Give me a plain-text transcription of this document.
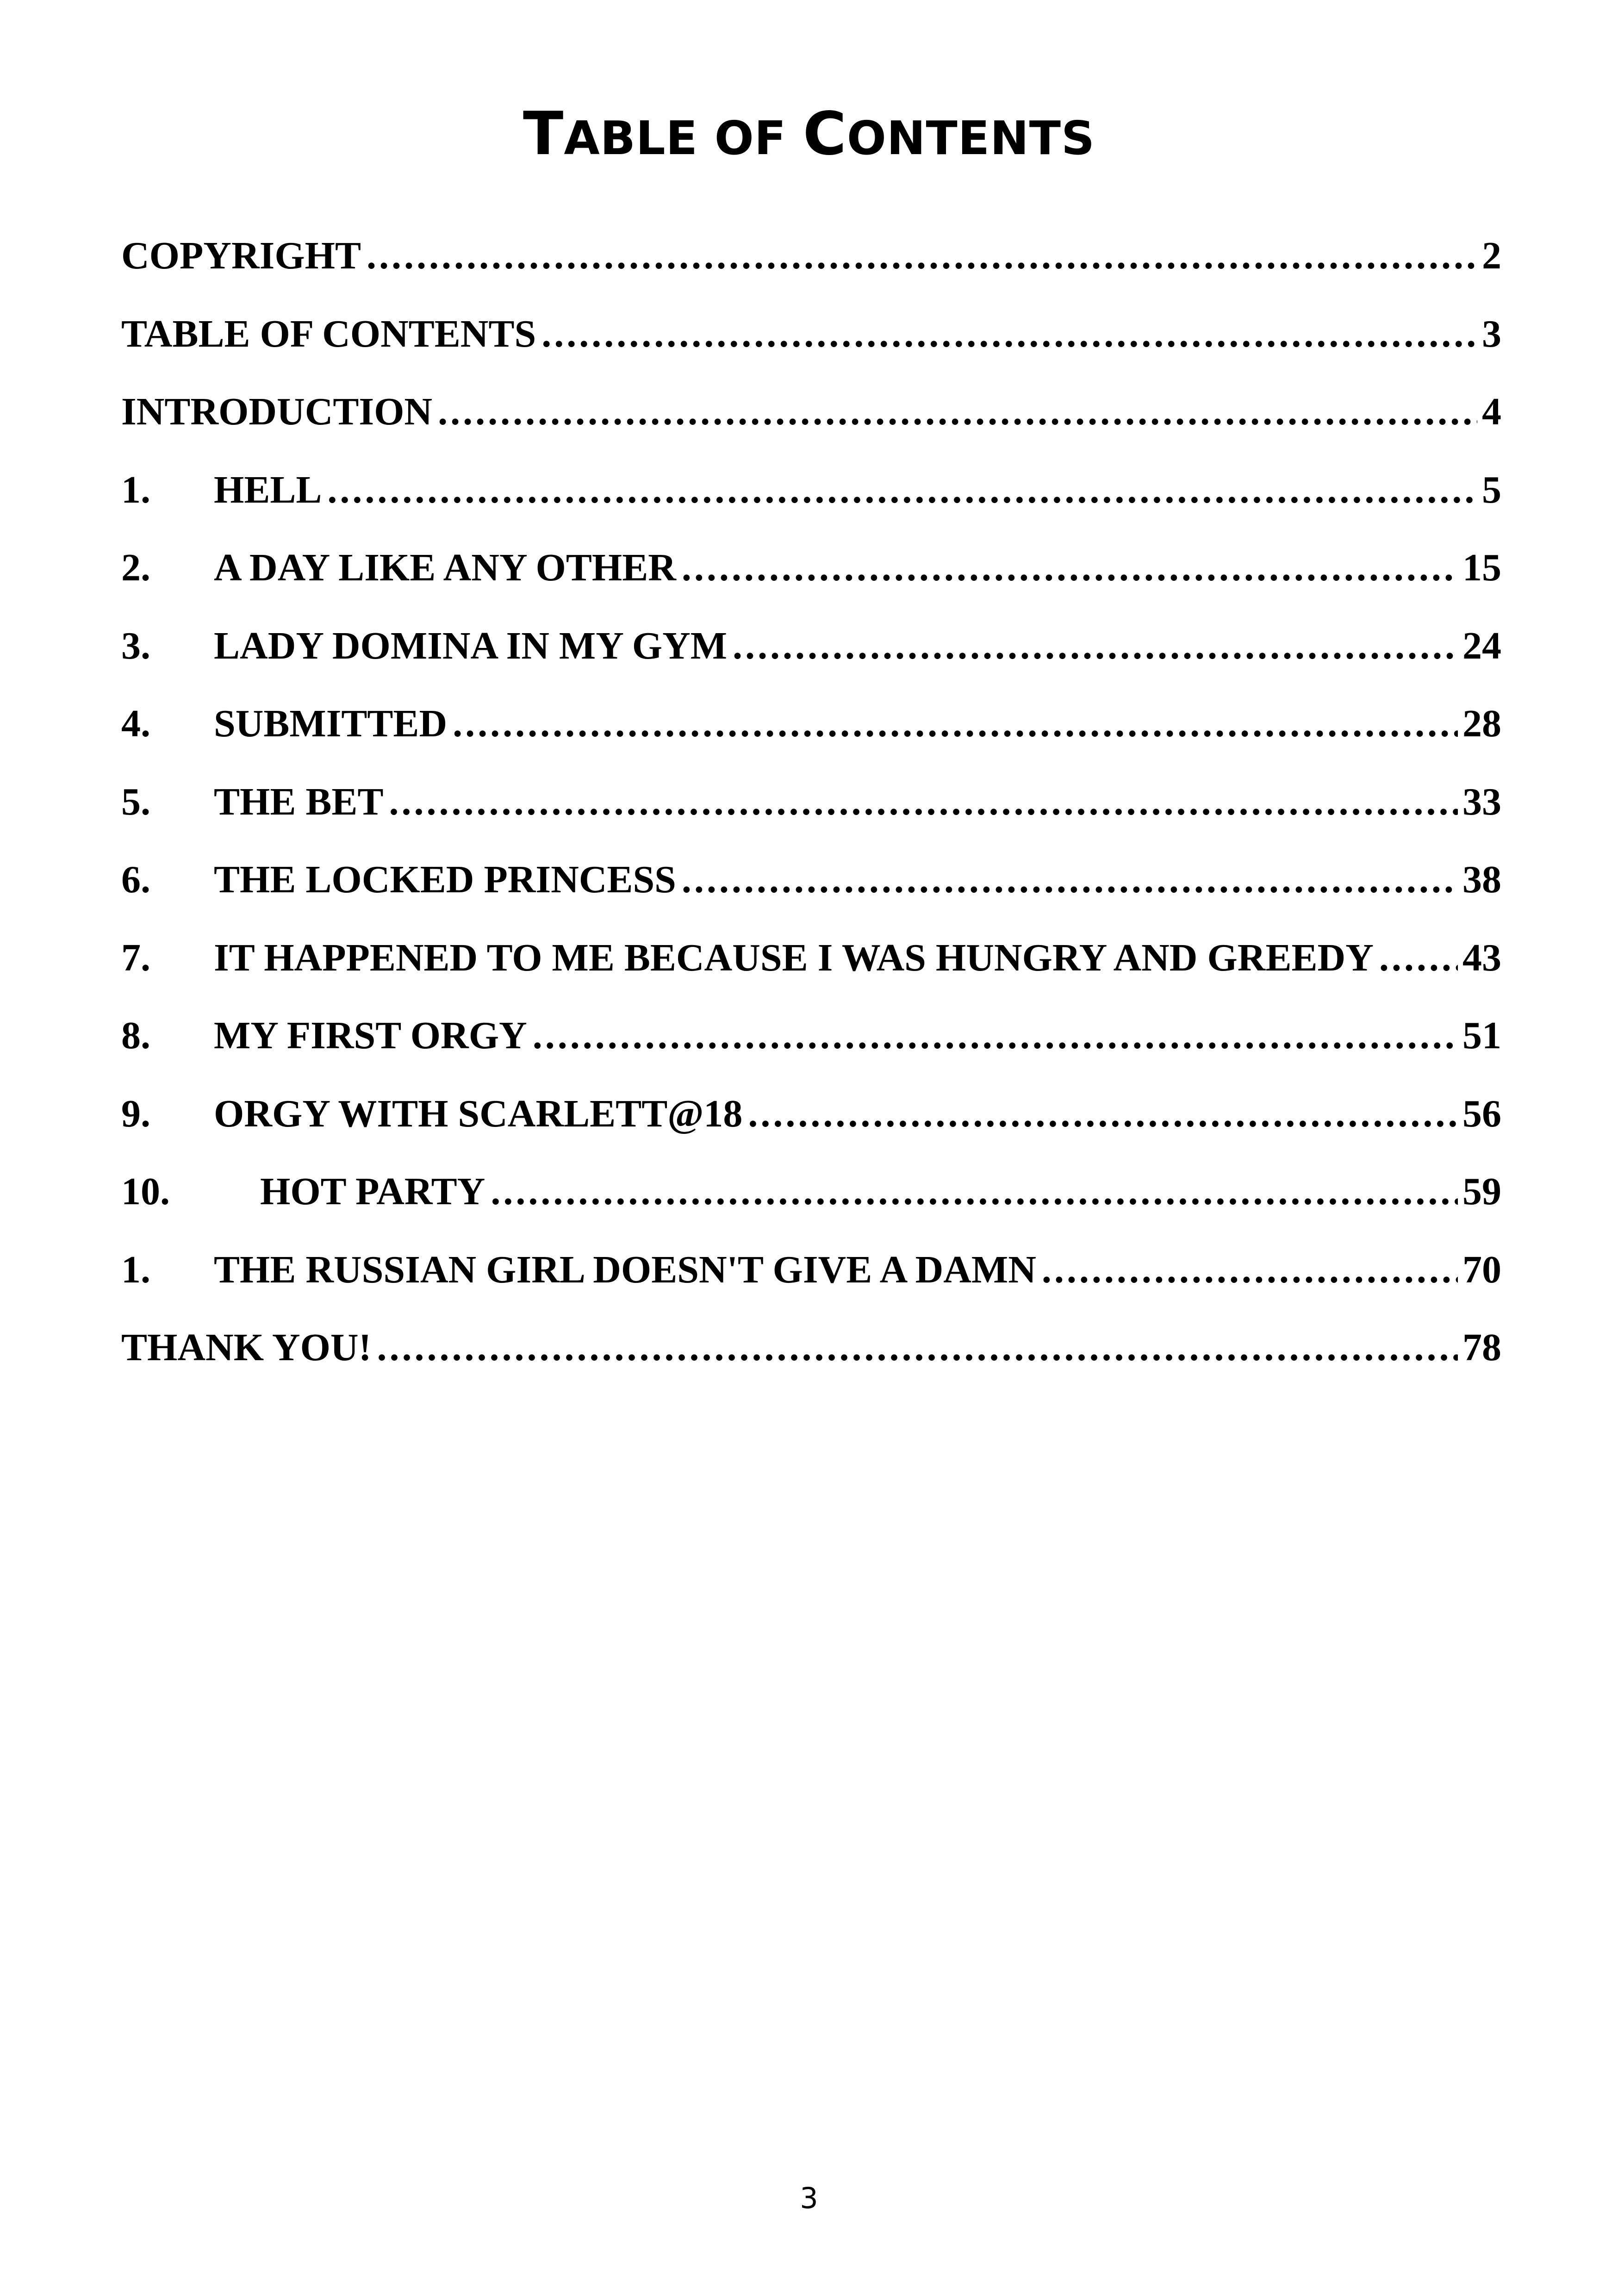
TABLE OF CONTENTS
COPYRIGHT .....	2
TABLE OF CONTENTS .....	3
INTRODUCTION .....	4
1.	HELL .....	5
2.	A DAY LIKE ANY OTHER .....	15
3.	LADY DOMINA IN MY GYM .....	24
4.	SUBMITTED .....	28
5.	THE BET .....	33
6.	THE LOCKED PRINCESS .....	38
7.	IT HAPPENED TO ME BECAUSE I WAS HUNGRY AND GREEDY ..... 43
8.	MY FIRST ORGY .....	51
9.	ORGY WITH SCARLETT@18 .....	56
10.	HOT PARTY .....	59
1.	THE RUSSIAN GIRL DOESN'T GIVE A DAMN .....	70
THANK YOU! .....	78
3
